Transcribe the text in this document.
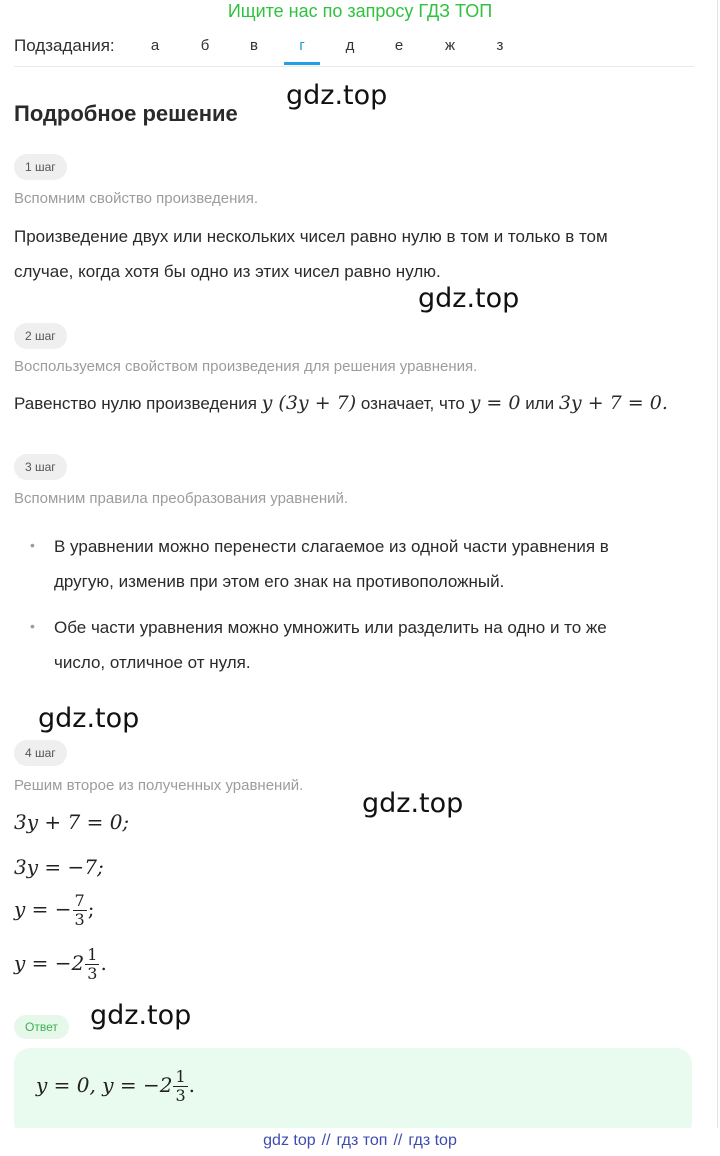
Ищите нас по запросу ГДЗ ТОП
Подзадания:	а	б	в	г	д	е	ж	з
Подробное решение
gdz.top
gdz.top
gdz.top
gdz.top
gdz.top
1 шаг
Вспомним свойство произведения.
Произведение двух или нескольких чисел равно нулю в том и только в том
случае, когда хотя бы одно из этих чисел равно нулю.
2 шаг
Воспользуемся свойством произведения для решения уравнения.
Равенство нулю произведения y (3y + 7) означает, что y = 0 или 3y + 7 = 0.
3 шаг
Вспомним правила преобразования уравнений.
• В уравнении можно перенести слагаемое из одной части уравнения в
другую, изменив при этом его знак на противоположный.
• Обе части уравнения можно умножить или разделить на одно и то же
число, отличное от нуля.
4 шаг
Решим второе из полученных уравнений.
3y + 7 = 0;
3y = −7;
y = − $\frac{7}{3}$ ;
$y = -2 \frac{1}{3}$ .
Ответ
y = 0, $y = -2 \frac{1}{3}$ .
gdz top // гдз топ // гдз top
